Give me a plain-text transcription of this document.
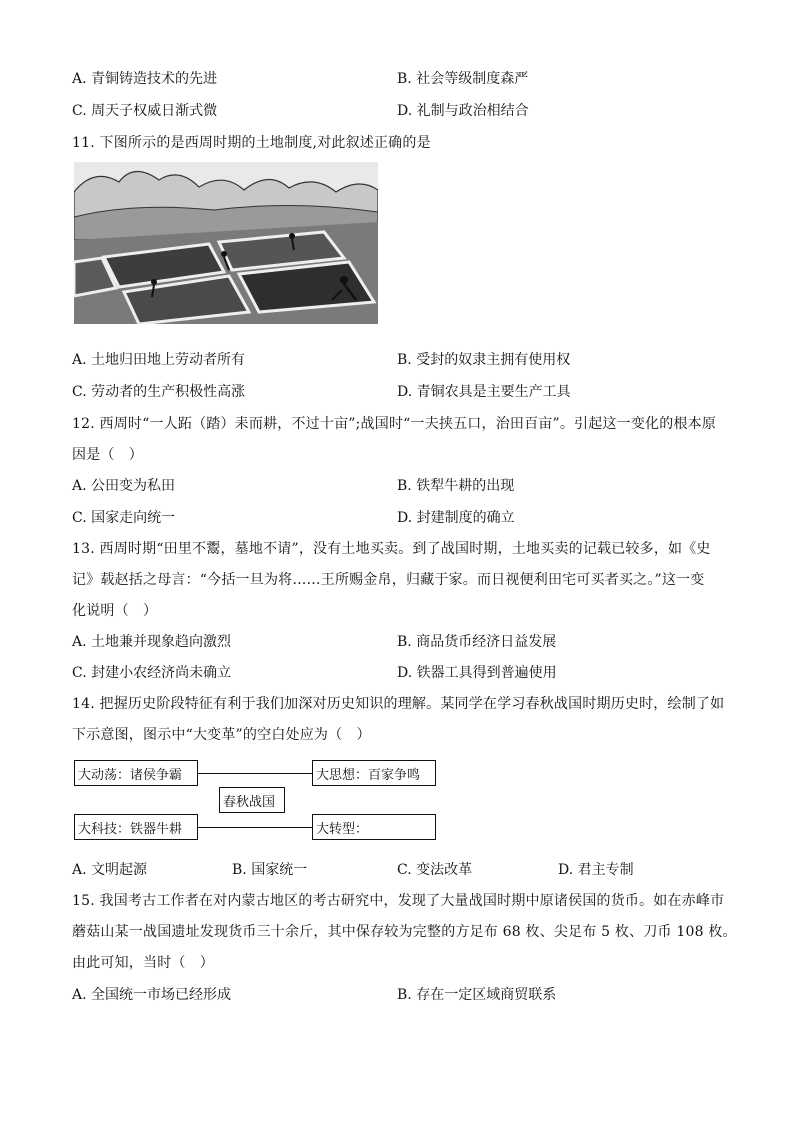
A. 青铜铸造技术的先进	B. 社会等级制度森严
C. 周天子权威日渐式微	D. 礼制与政治相结合
11. 下图所示的是西周时期的土地制度,对此叙述正确的是
A. 土地归田地上劳动者所有	B. 受封的奴隶主拥有使用权
C. 劳动者的生产积极性高涨	D. 青铜农具是主要生产工具
12. 西周时“一人跖（踏）耒而耕，不过十亩”;战国时“一夫挟五口，治田百亩”。引起这一变化的根本原
因是（　）
A. 公田变为私田	B. 铁犁牛耕的出现
C. 国家走向统一	D. 封建制度的确立
13. 西周时期“田里不鬻，墓地不请”，没有土地买卖。到了战国时期，土地买卖的记载已较多，如《史
记》载赵括之母言：“今括一旦为将……王所赐金帛，归藏于家。而日视便利田宅可买者买之。”这一变
化说明（　）
A. 土地兼并现象趋向激烈	B. 商品货币经济日益发展
C. 封建小农经济尚未确立	D. 铁器工具得到普遍使用
14. 把握历史阶段特征有利于我们加深对历史知识的理解。某同学在学习春秋战国时期历史时，绘制了如
下示意图，图示中“大变革”的空白处应为（　）
大动荡：诸侯争霸	大思想：百家争鸣
春秋战国
大科技：铁器牛耕	大转型：
A. 文明起源	B. 国家统一	C. 变法改革	D. 君主专制
15. 我国考古工作者在对内蒙古地区的考古研究中，发现了大量战国时期中原诸侯国的货币。如在赤峰市
蘑菇山某一战国遗址发现货币三十余斤，其中保存较为完整的方足布 68 枚、尖足布 5 枚、刀币 108 枚。
由此可知，当时（　）
A. 全国统一市场已经形成	B. 存在一定区域商贸联系
